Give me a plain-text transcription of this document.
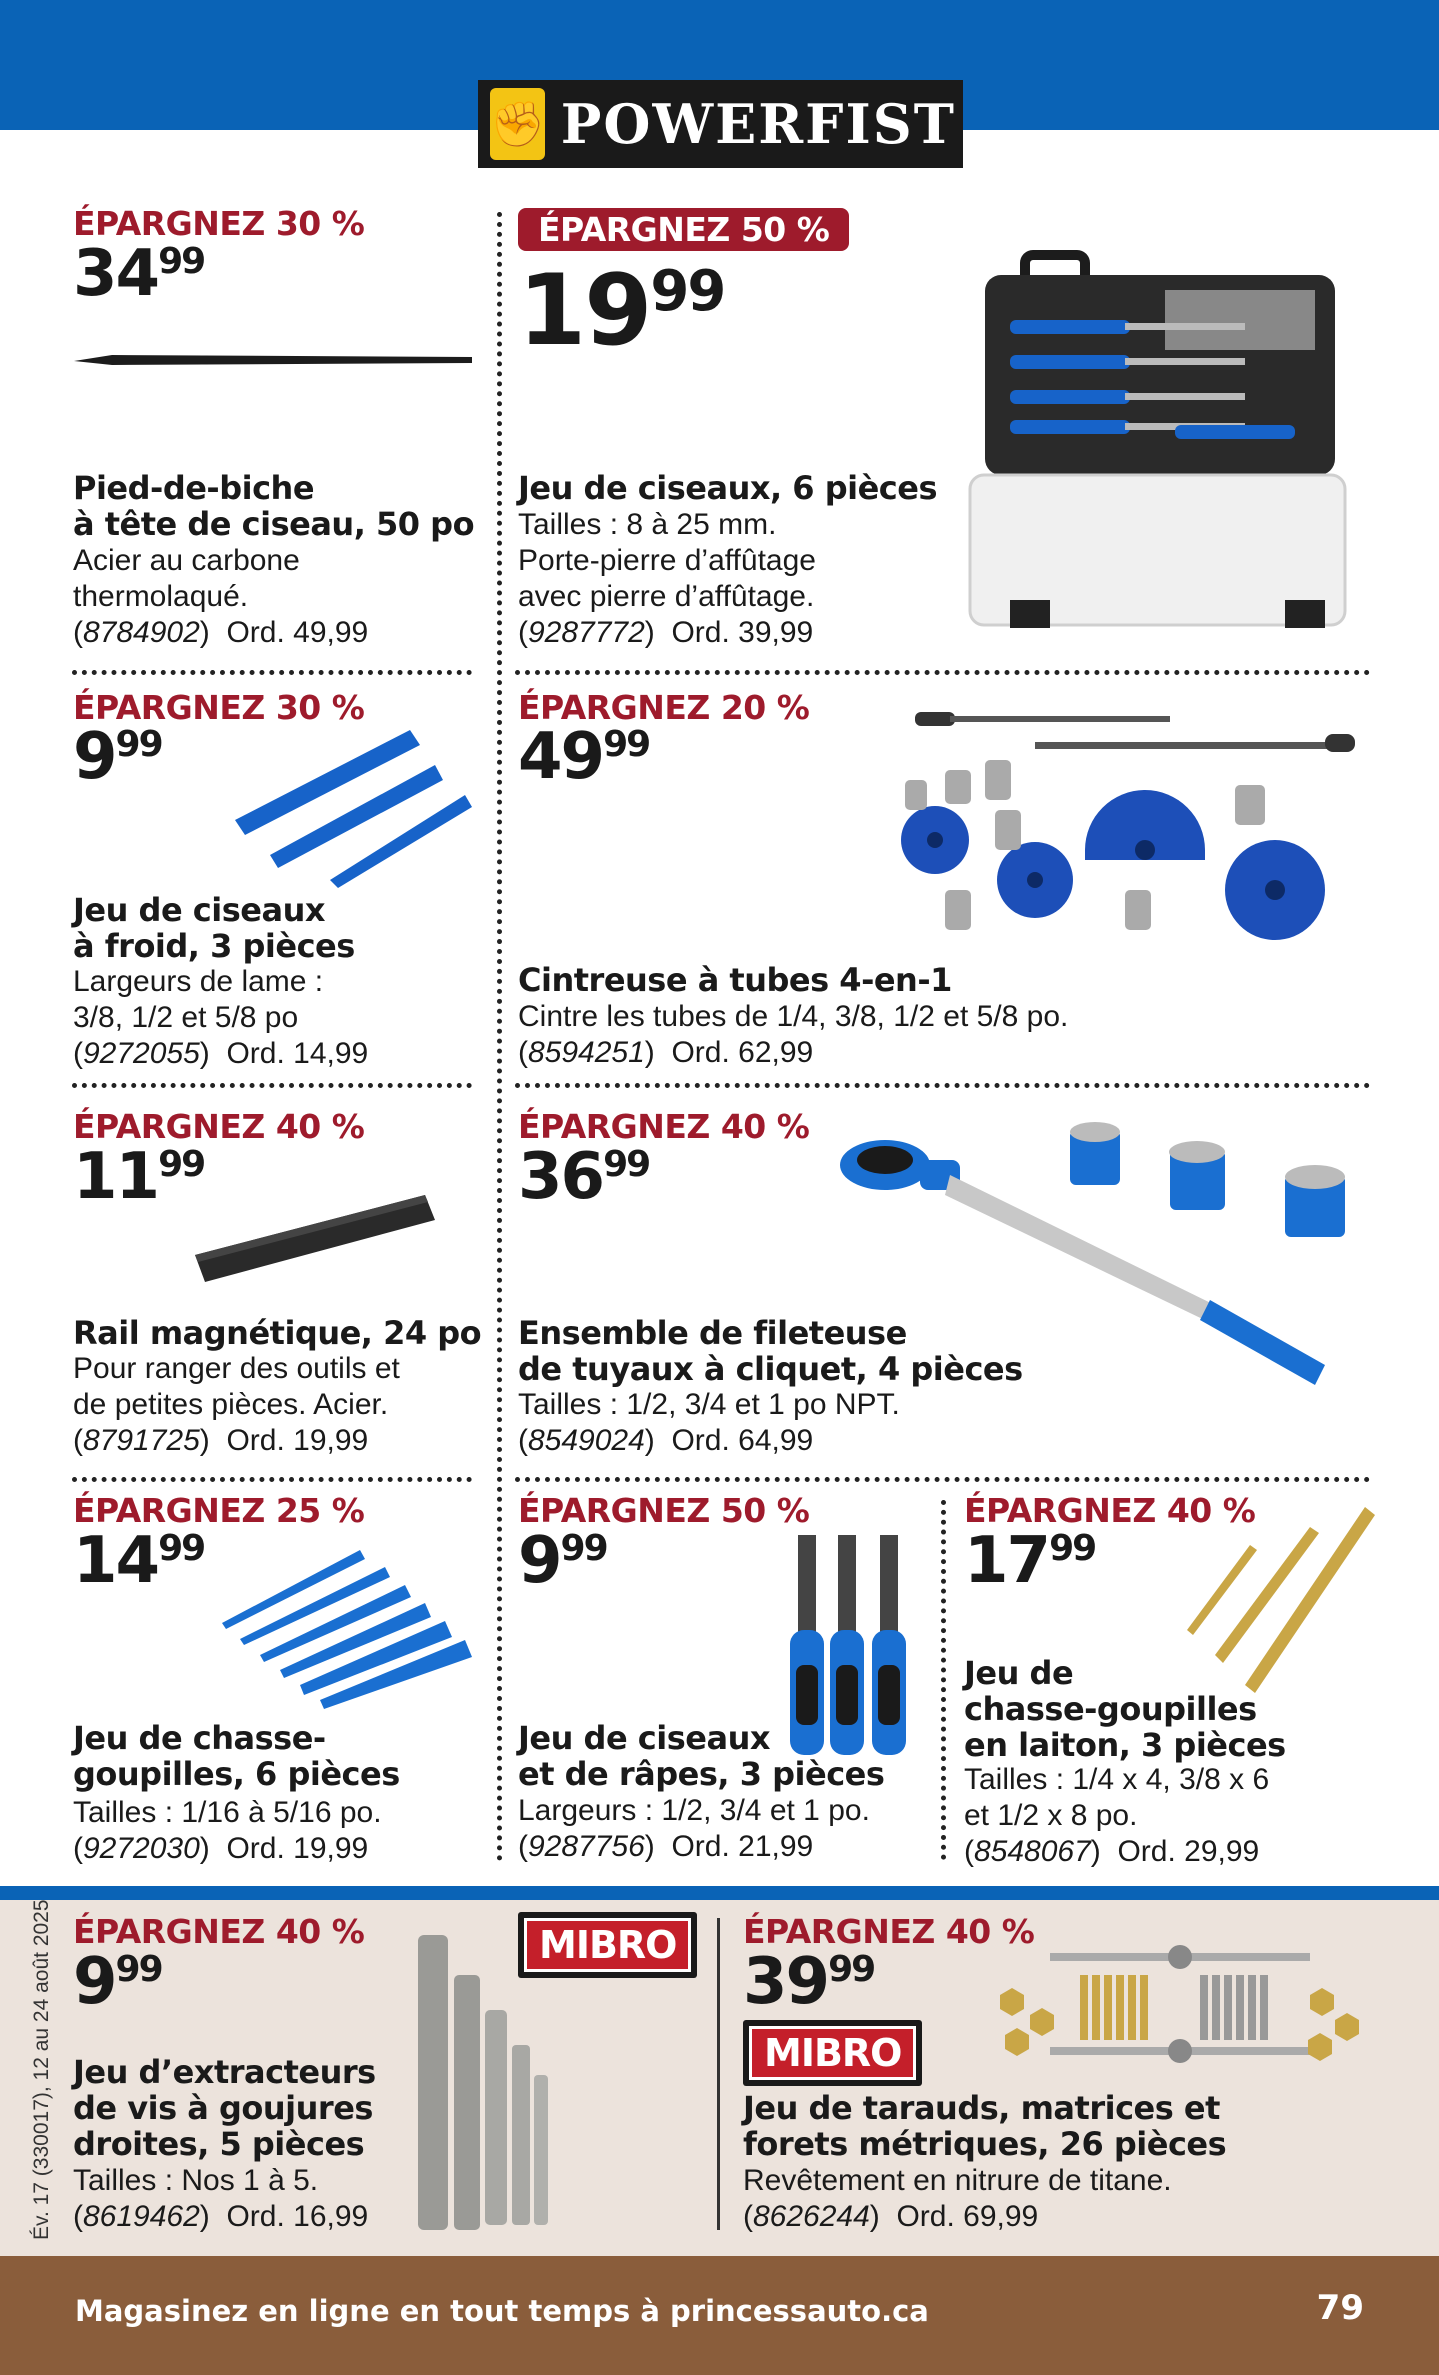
✊ POWERFIST
ÉPARGNEZ 30 %
3499
Pied-de-biche
à tête de ciseau, 50 po
Acier au carbone
thermolaqué.
(8784902)  Ord. 49,99
ÉPARGNEZ 50 %
1999
Jeu de ciseaux, 6 pièces
Tailles : 8 à 25 mm.
Porte-pierre d’affûtage
avec pierre d’affûtage.
(9287772)  Ord. 39,99
ÉPARGNEZ 30 %
999
Jeu de ciseaux
à froid, 3 pièces
Largeurs de lame :
3/8, 1/2 et 5/8 po
(9272055)  Ord. 14,99
ÉPARGNEZ 20 %
4999
Cintreuse à tubes 4-en-1
Cintre les tubes de 1/4, 3/8, 1/2 et 5/8 po.
(8594251)  Ord. 62,99
ÉPARGNEZ 40 %
1199
Rail magnétique, 24 po
Pour ranger des outils et
de petites pièces. Acier.
(8791725)  Ord. 19,99
ÉPARGNEZ 40 %
3699
Ensemble de fileteuse
de tuyaux à cliquet, 4 pièces
Tailles : 1/2, 3/4 et 1 po NPT.
(8549024)  Ord. 64,99
ÉPARGNEZ 25 %
1499
Jeu de chasse-
goupilles, 6 pièces
Tailles : 1/16 à 5/16 po.
(9272030)  Ord. 19,99
ÉPARGNEZ 50 %
999
Jeu de ciseaux
et de râpes, 3 pièces
Largeurs : 1/2, 3/4 et 1 po.
(9287756)  Ord. 21,99
ÉPARGNEZ 40 %
1799
Jeu de
chasse-goupilles
en laiton, 3 pièces
Tailles : 1/4 x 4, 3/8 x 6
et 1/2 x 8 po.
(8548067)  Ord. 29,99
Év. 17 (330017), 12 au 24 août 2025 ÉPARGNEZ 40 %
999
MIBRO
Jeu d’extracteurs
de vis à goujures
droites, 5 pièces
Tailles : Nos 1 à 5.
(8619462)  Ord. 16,99
ÉPARGNEZ 40 %
3999
MIBRO
Jeu de tarauds, matrices et
forets métriques, 26 pièces
Revêtement en nitrure de titane.
(8626244)  Ord. 69,99
Magasinez en ligne en tout temps à princessauto.ca	79
